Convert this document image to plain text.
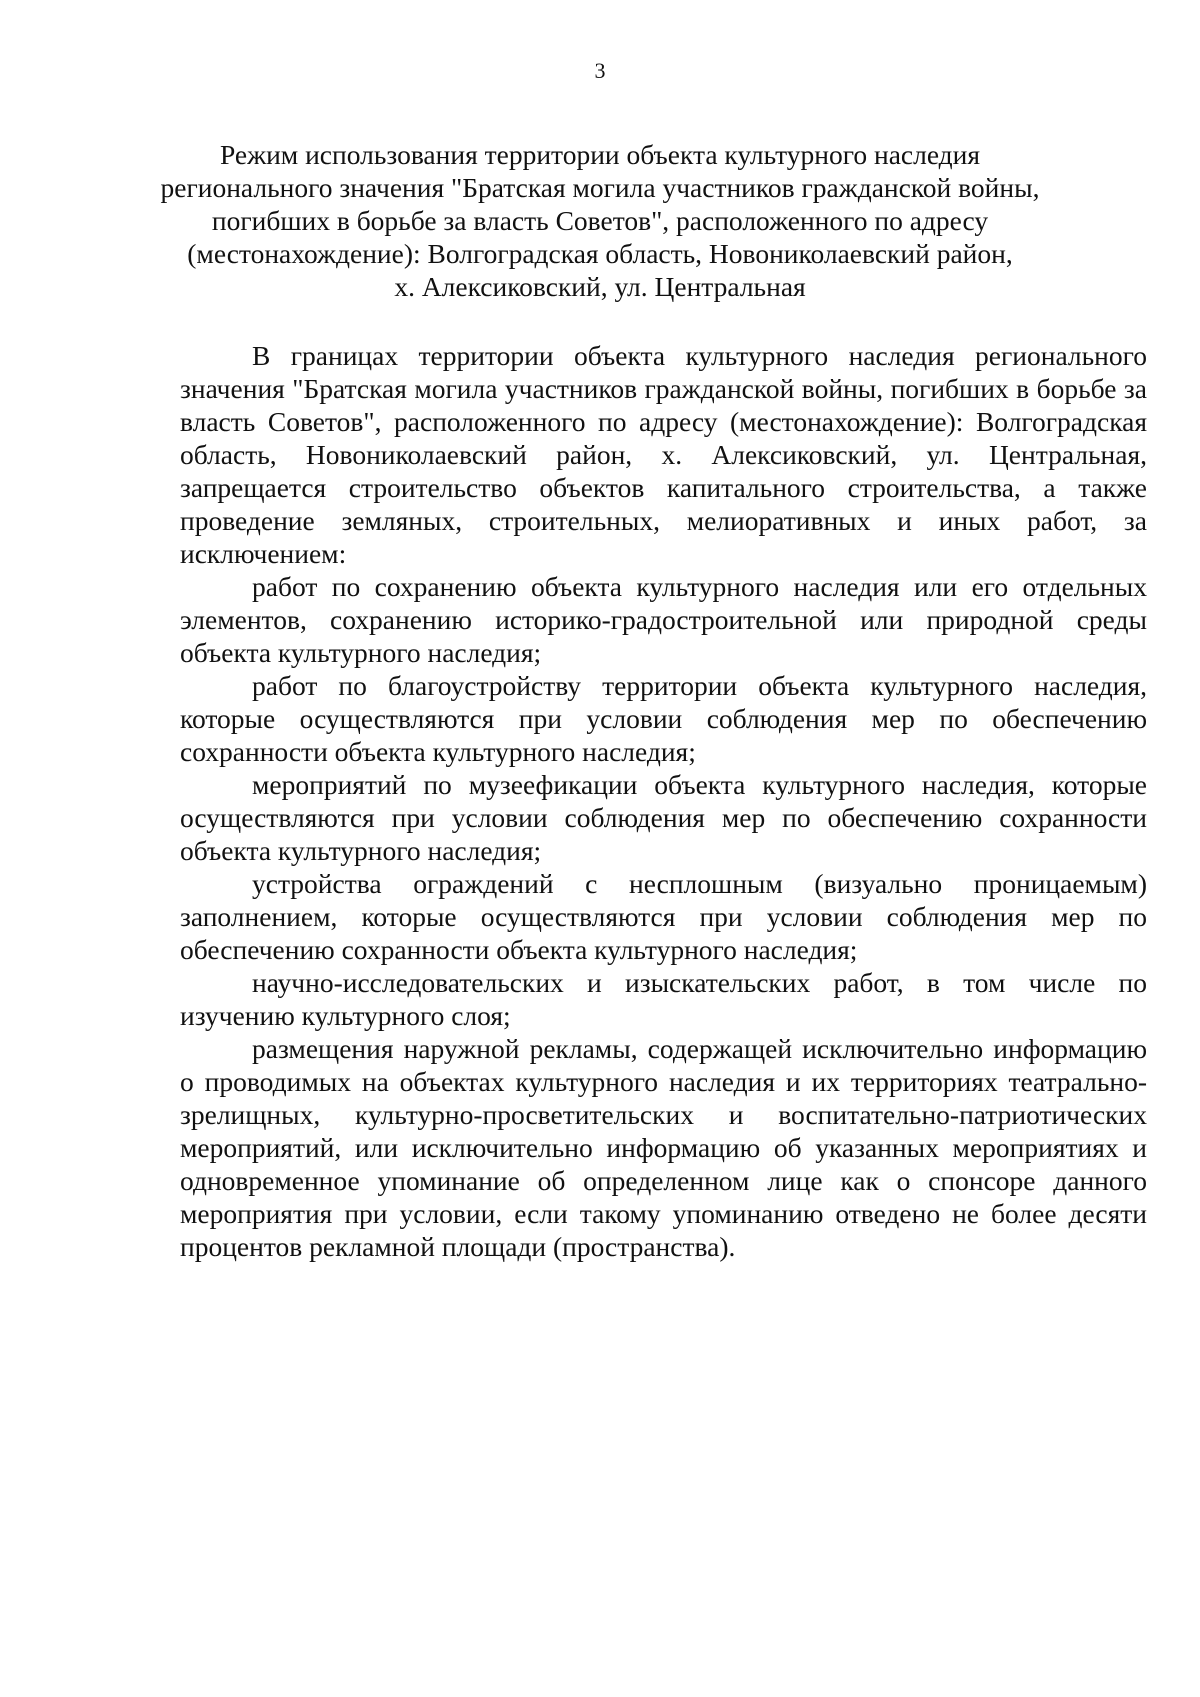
3
Режим использования территории объекта культурного наследия
регионального значения "Братская могила участников гражданской войны,
погибших в борьбе за власть Советов", расположенного по адресу
(местонахождение): Волгоградская область, Новониколаевский район,
х. Алексиковский, ул. Центральная

В границах территории объекта культурного наследия регионального значения "Братская могила участников гражданской войны, погибших в борьбе за власть Советов", расположенного по адресу (местонахождение): Волгоградская область, Новониколаевский район, х. Алексиковский, ул. Центральная, запрещается строительство объектов капитального строительства, а также проведение земляных, строительных, мелиоративных и иных работ, за исключением:

работ по сохранению объекта культурного наследия или его отдельных элементов, сохранению историко-градостроительной или природной среды объекта культурного наследия;

работ по благоустройству территории объекта культурного наследия, которые осуществляются при условии соблюдения мер по обеспечению сохранности объекта культурного наследия;

мероприятий по музеефикации объекта культурного наследия, которые осуществляются при условии соблюдения мер по обеспечению сохранности объекта культурного наследия;

устройства ограждений с несплошным (визуально проницаемым) заполнением, которые осуществляются при условии соблюдения мер по обеспечению сохранности объекта культурного наследия;

научно-исследовательских и изыскательских работ, в том числе по изучению культурного слоя;

размещения наружной рекламы, содержащей исключительно информацию о проводимых на объектах культурного наследия и их территориях театрально-зрелищных, культурно-просветительских и воспитательно-патриотических мероприятий, или исключительно информацию об указанных мероприятиях и одновременное упоминание об определенном лице как о спонсоре данного мероприятия при условии, если такому упоминанию отведено не более десяти процентов рекламной площади (пространства).
